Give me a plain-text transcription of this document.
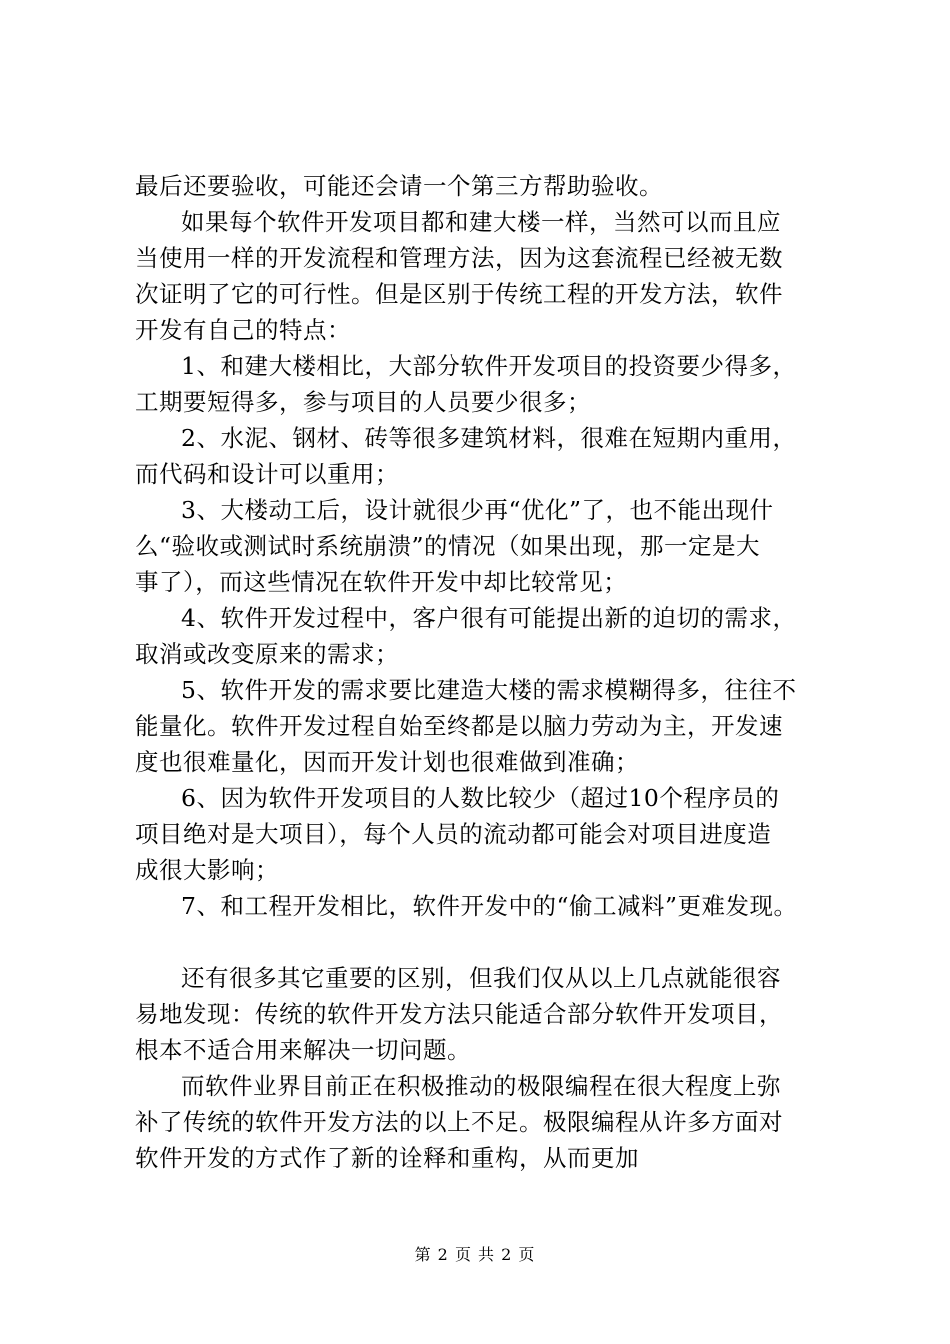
最后还要验收，可能还会请一个第三方帮助验收。
如果每个软件开发项目都和建大楼一样，当然可以而且应
当使用一样的开发流程和管理方法，因为这套流程已经被无数
次证明了它的可行性。但是区别于传统工程的开发方法，软件
开发有自己的特点：
1、和建大楼相比，大部分软件开发项目的投资要少得多，
工期要短得多，参与项目的人员要少很多；
2、水泥、钢材、砖等很多建筑材料，很难在短期内重用，
而代码和设计可以重用；
3、大楼动工后，设计就很少再“优化”了，也不能出现什
么“验收或测试时系统崩溃”的情况（如果出现，那一定是大
事了），而这些情况在软件开发中却比较常见；
4、软件开发过程中，客户很有可能提出新的迫切的需求，
取消或改变原来的需求；
5、软件开发的需求要比建造大楼的需求模糊得多，往往不
能量化。软件开发过程自始至终都是以脑力劳动为主，开发速
度也很难量化，因而开发计划也很难做到准确；
6、因为软件开发项目的人数比较少（超过10个程序员的
项目绝对是大项目），每个人员的流动都可能会对项目进度造
成很大影响；
7、和工程开发相比，软件开发中的“偷工减料”更难发现。
还有很多其它重要的区别，但我们仅从以上几点就能很容
易地发现：传统的软件开发方法只能适合部分软件开发项目，
根本不适合用来解决一切问题。
而软件业界目前正在积极推动的极限编程在很大程度上弥
补了传统的软件开发方法的以上不足。极限编程从许多方面对
软件开发的方式作了新的诠释和重构，从而更加
第 2 页 共 2 页
